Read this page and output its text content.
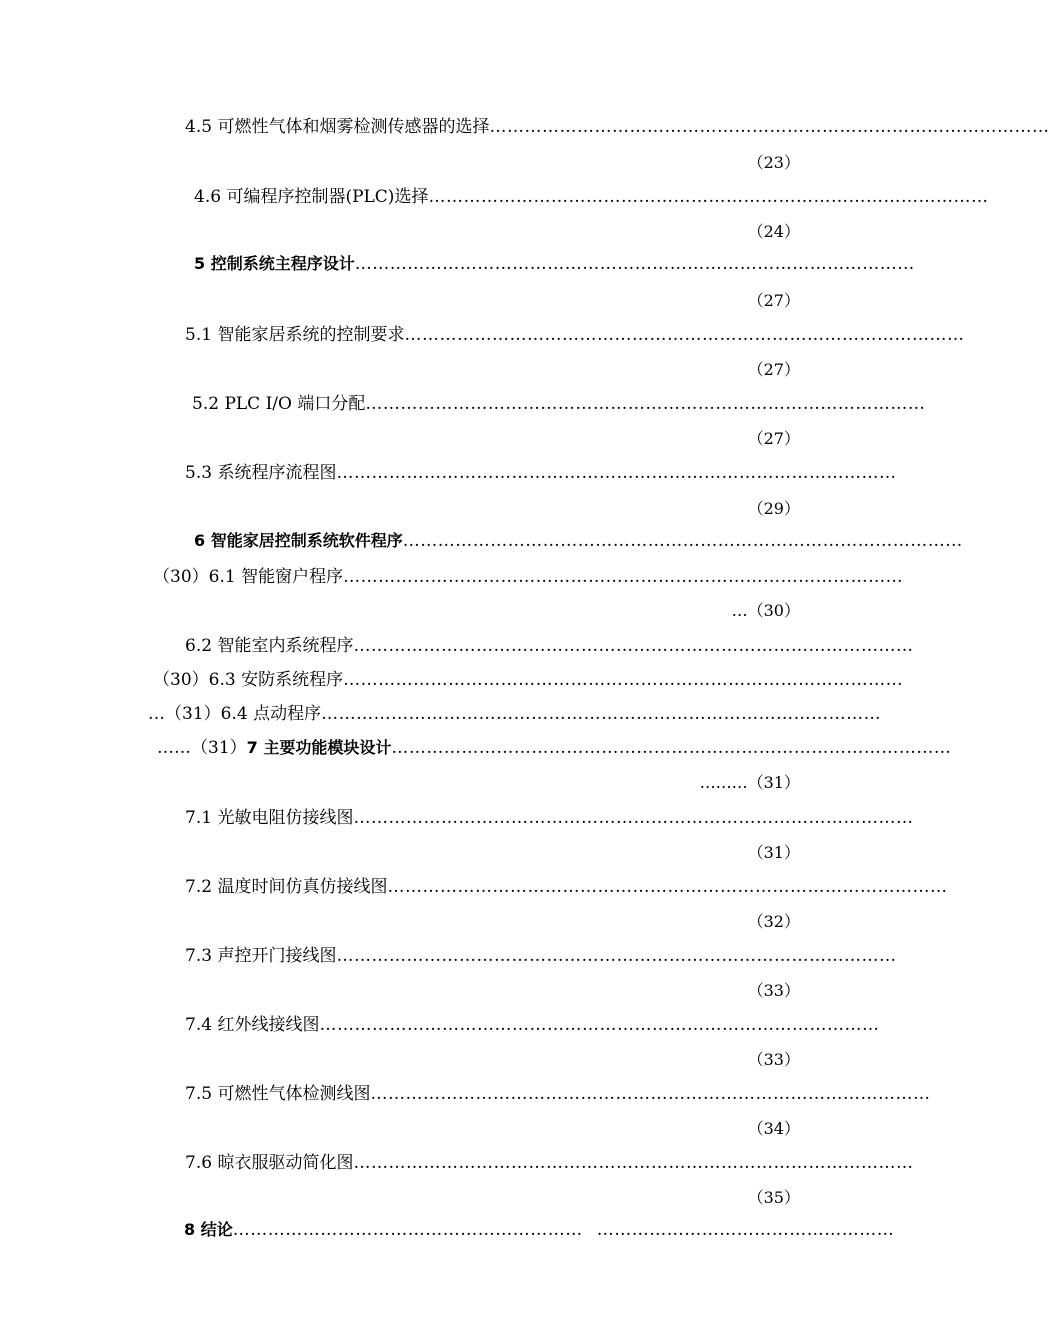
4.5 可燃性气体和烟雾检测传感器的选择 ……………………………………………………………………………………
（23）
4.6 可编程序控制器(PLC)选择 ……………………………………………………………………………………
（24）
5 控制系统主程序设计 ……………………………………………………………………………………
（27）
5.1 智能家居系统的控制要求 ……………………………………………………………………………………
（27）
5.2 PLC I/O 端口分配 ……………………………………………………………………………………
（27）
5.3 系统程序流程图 ……………………………………………………………………………………
（29）
6 智能家居控制系统软件程序 ……………………………………………………………………………………
（30）6.1 智能窗户程序 ……………………………………………………………………………………
…（30）
6.2 智能室内系统程序 ……………………………………………………………………………………
（30）6.3 安防系统程序 ……………………………………………………………………………………
…（31）6.4 点动程序 ……………………………………………………………………………………
……（31） 7 主要功能模块设计 ……………………………………………………………………………………
………（31）
7.1 光敏电阻仿接线图 ……………………………………………………………………………………
（31）
7.2 温度时间仿真仿接线图 ……………………………………………………………………………………
（32）
7.3 声控开门接线图 ……………………………………………………………………………………
（33）
7.4 红外线接线图 ……………………………………………………………………………………
（33）
7.5 可燃性气体检测线图 ……………………………………………………………………………………
（34）
7.6 晾衣服驱动简化图 ……………………………………………………………………………………
（35）
8 结论 …………………………………………………… ……………………………………………
